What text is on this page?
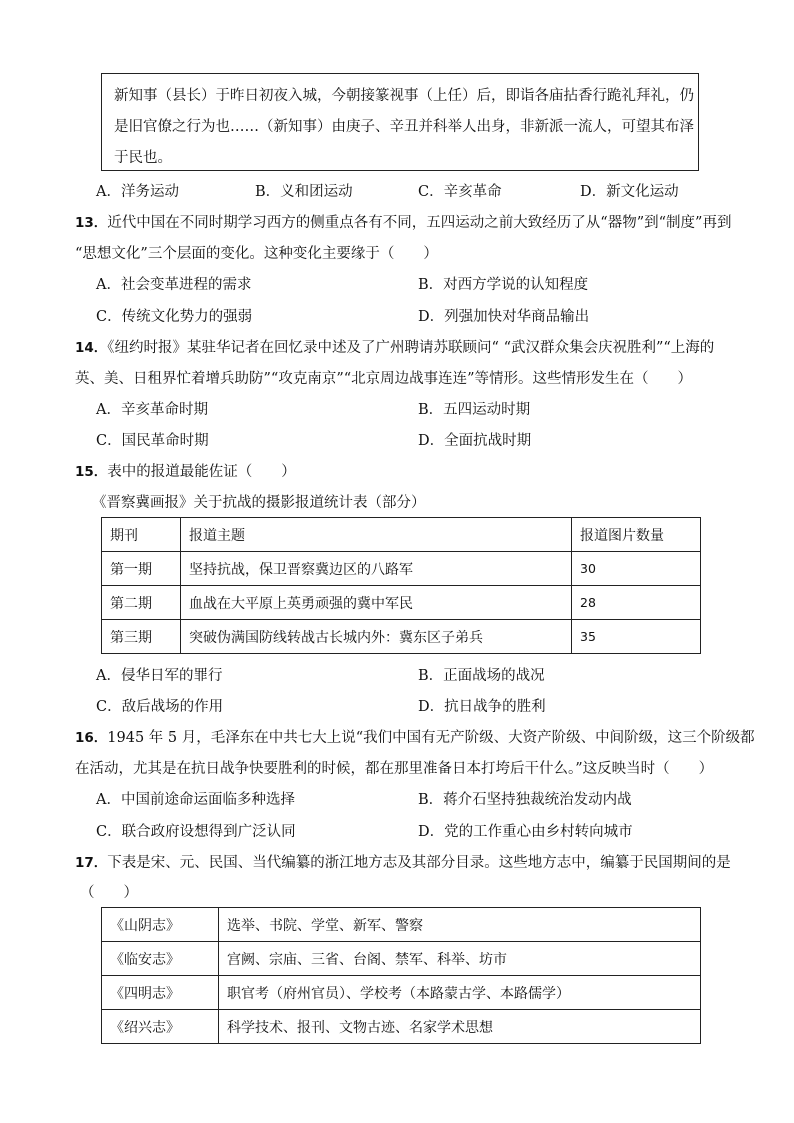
新知事（县长）于昨日初夜入城，今朝接篆视事（上任）后，即诣各庙拈香行跪礼拜礼，仍
是旧官僚之行为也……（新知事）由庚子、辛丑并科举人出身，非新派一流人，可望其布泽
于民也。
A．洋务运动	B．义和团运动	C．辛亥革命	D．新文化运动
13．近代中国在不同时期学习西方的侧重点各有不同，五四运动之前大致经历了从“器物”到“制度”再到
“思想文化”三个层面的变化。这种变化主要缘于（　　）
A．社会变革进程的需求	B．对西方学说的认知程度
C．传统文化势力的强弱	D．列强加快对华商品输出
14．《纽约时报》某驻华记者在回忆录中述及了广州聘请苏联顾问“ “武汉群众集会庆祝胜利”“上海的
英、美、日租界忙着增兵助防”“攻克南京”“北京周边战事连连”等情形。这些情形发生在（　　）
A．辛亥革命时期	B．五四运动时期
C．国民革命时期	D．全面抗战时期
15．表中的报道最能佐证（　　）
《晋察冀画报》关于抗战的摄影报道统计表（部分）
期刊	报道主题	报道图片数量
第一期	坚持抗战，保卫晋察冀边区的八路军	30
第二期	血战在大平原上英勇顽强的冀中军民	28
第三期	突破伪满国防线转战古长城内外：冀东区子弟兵	35
A．侵华日军的罪行	B．正面战场的战况
C．敌后战场的作用	D．抗日战争的胜利
16．1945 年 5 月，毛泽东在中共七大上说“我们中国有无产阶级、大资产阶级、中间阶级，这三个阶级都
在活动，尤其是在抗日战争快要胜利的时候，都在那里准备日本打垮后干什么。”这反映当时（　　）
A．中国前途命运面临多种选择	B．蒋介石坚持独裁统治发动内战
C．联合政府设想得到广泛认同	D．党的工作重心由乡村转向城市
17．下表是宋、元、民国、当代编纂的浙江地方志及其部分目录。这些地方志中，编纂于民国期间的是
（　　）
《山阴志》	选举、书院、学堂、新军、警察
《临安志》	宫阙、宗庙、三省、台阁、禁军、科举、坊市
《四明志》	职官考（府州官员）、学校考（本路蒙古学、本路儒学）
《绍兴志》	科学技术、报刊、文物古迹、名家学术思想
